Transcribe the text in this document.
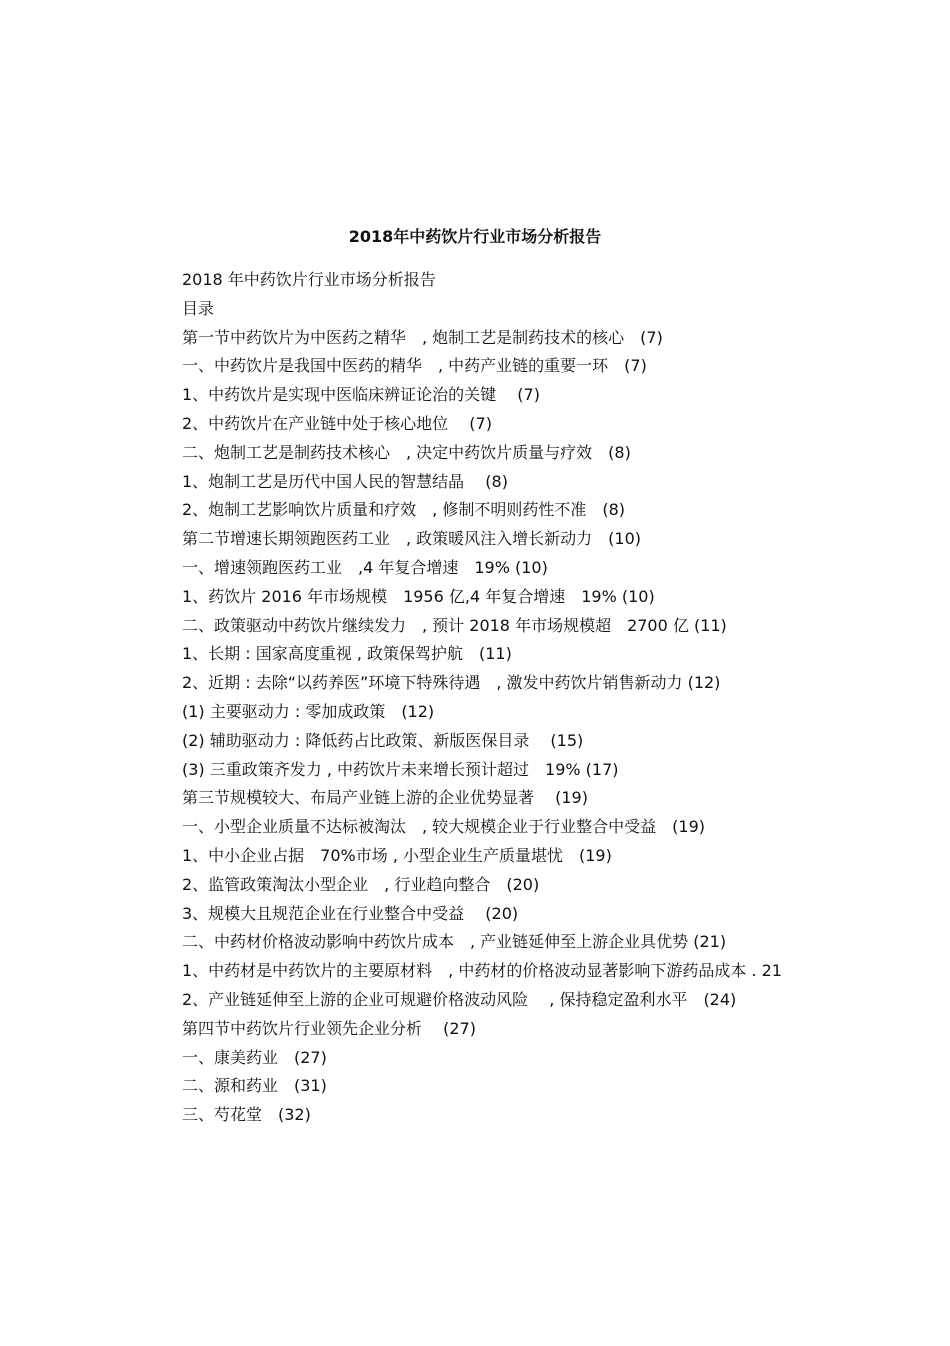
2018年中药饮片行业市场分析报告
2018 年中药饮片行业市场分析报告
目录
第一节中药饮片为中医药之精华　, 炮制工艺是制药技术的核心　(7)
一、中药饮片是我国中医药的精华　, 中药产业链的重要一环　(7)
1、中药饮片是实现中医临床辨证论治的关键　 (7)
2、中药饮片在产业链中处于核心地位　 (7)
二、炮制工艺是制药技术核心　, 决定中药饮片质量与疗效　(8)
1、炮制工艺是历代中国人民的智慧结晶　 (8)
2、炮制工艺影响饮片质量和疗效　, 修制不明则药性不准　(8)
第二节增速长期领跑医药工业　, 政策暖风注入增长新动力　(10)
一、增速领跑医药工业　,4 年复合增速　19% (10)
1、药饮片 2016 年市场规模　1956 亿,4 年复合增速　19% (10)
二、政策驱动中药饮片继续发力　, 预计 2018 年市场规模超　2700 亿 (11)
1、长期 : 国家高度重视 , 政策保驾护航　(11)
2、近期 : 去除“以药养医”环境下特殊待遇　, 激发中药饮片销售新动力 (12)
(1) 主要驱动力 : 零加成政策　(12)
(2) 辅助驱动力 : 降低药占比政策、新版医保目录　 (15)
(3) 三重政策齐发力 , 中药饮片未来增长预计超过　19% (17)
第三节规模较大、布局产业链上游的企业优势显著　 (19)
一、小型企业质量不达标被淘汰　, 较大规模企业于行业整合中受益　(19)
1、中小企业占据　70%市场 , 小型企业生产质量堪忧　(19)
2、监管政策淘汰小型企业　, 行业趋向整合　(20)
3、规模大且规范企业在行业整合中受益　 (20)
二、中药材价格波动影响中药饮片成本　, 产业链延伸至上游企业具优势 (21)
1、中药材是中药饮片的主要原材料　, 中药材的价格波动显著影响下游药品成本 . 21
2、产业链延伸至上游的企业可规避价格波动风险　 , 保持稳定盈利水平　(24)
第四节中药饮片行业领先企业分析　 (27)
一、康美药业　(27)
二、源和药业　(31)
三、芍花堂　(32)
